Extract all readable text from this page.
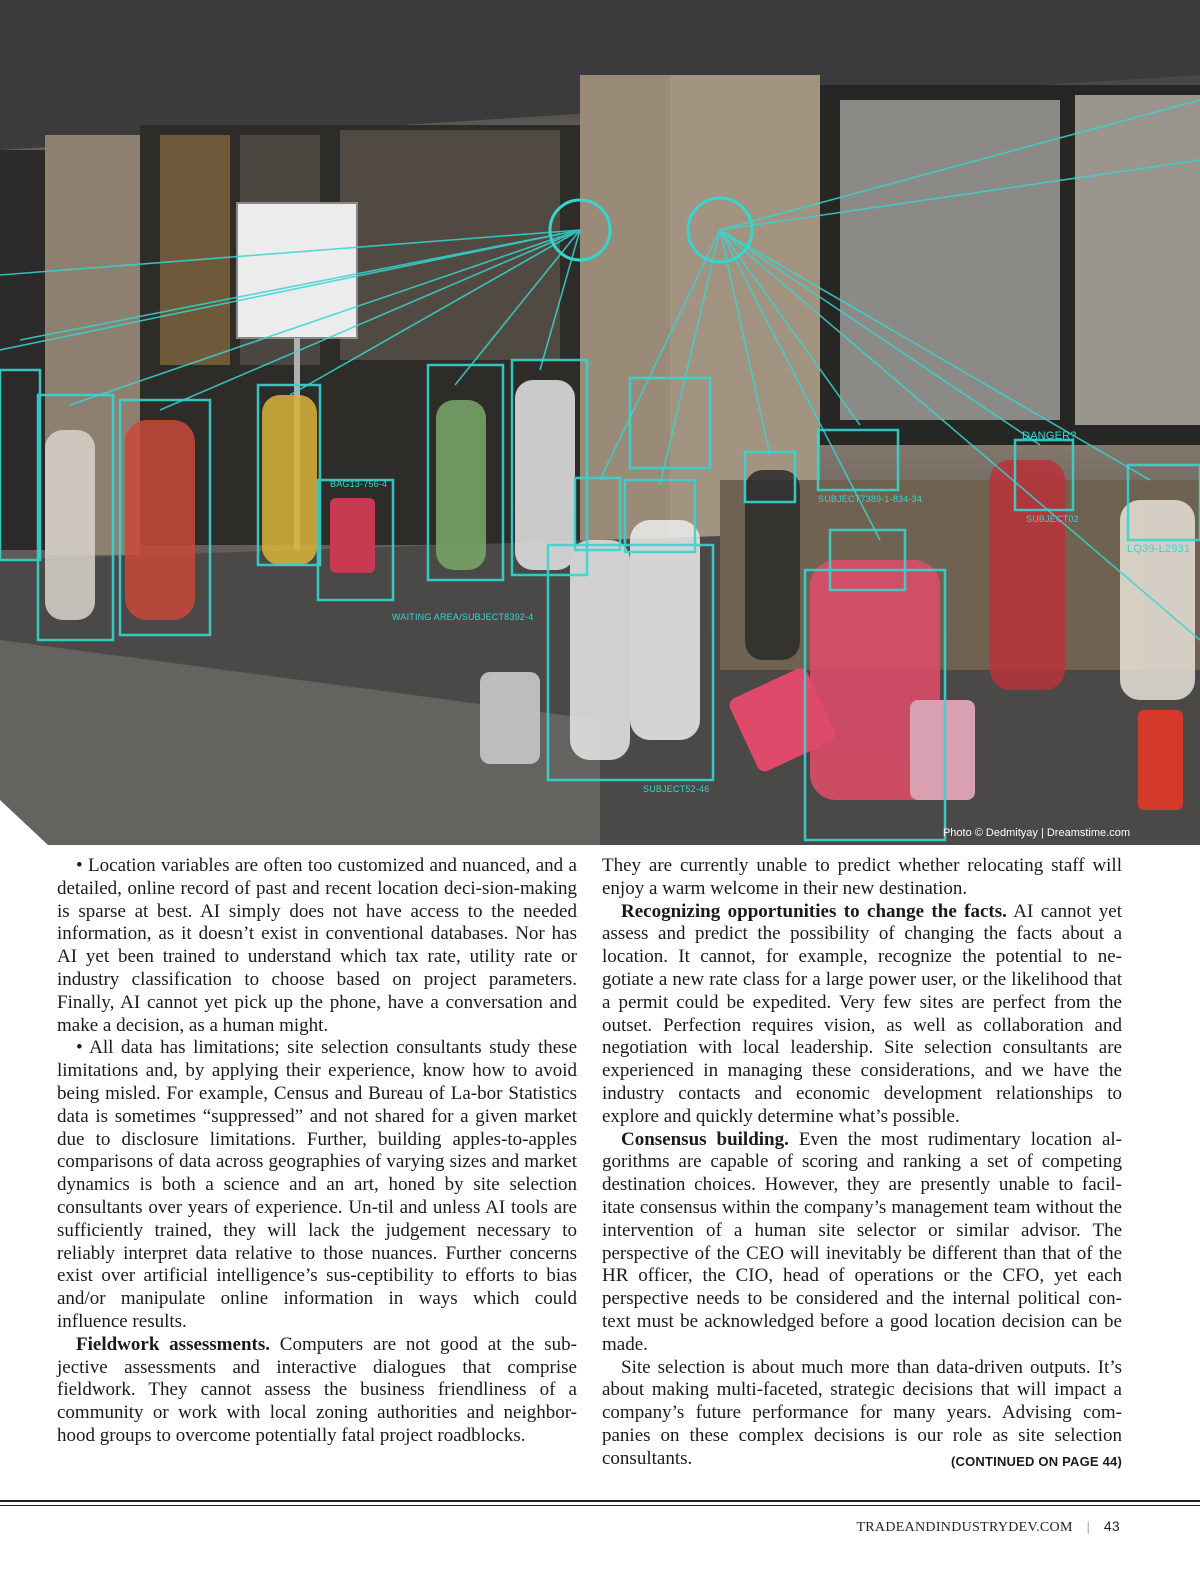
BAG13-756-4
WAITING AREA/SUBJECT8392-4
SUBJECT7389-1-834-34
DANGER?
LQ39-L2931
SUBJECT52-46
SUBJECT02
Photo © Dedmityay | Dreamstime.com

• Location variables are often too customized and nuanced, and a detailed, online record of past and recent location deci-sion-making is sparse at best. AI simply does not have access to the needed information, as it doesn’t exist in conventional databases. Nor has AI yet been trained to understand which tax rate, utility rate or industry classification to choose based on project parameters. Finally, AI cannot yet pick up the phone, have a conversation and make a decision, as a human might.

• All data has limitations; site selection consultants study these limitations and, by applying their experience, know how to avoid being misled. For example, Census and Bureau of La-bor Statistics data is sometimes “suppressed” and not shared for a given market due to disclosure limitations. Further, building apples-to-apples comparisons of data across geographies of varying sizes and market dynamics is both a science and an art, honed by site selection consultants over years of experience. Un-til and unless AI tools are sufficiently trained, they will lack the judgement necessary to reliably interpret data relative to those nuances. Further concerns exist over artificial intelligence’s sus-ceptibility to efforts to bias and/or manipulate online information in ways which could influence results.

Fieldwork assessments. Computers are not good at the sub-jective assessments and interactive dialogues that comprise fieldwork. They cannot assess the business friendliness of a community or work with local zoning authorities and neighbor-hood groups to overcome potentially fatal project roadblocks.

They are currently unable to predict whether relocating staff will enjoy a warm welcome in their new destination.

Recognizing opportunities to change the facts. AI cannot yet assess and predict the possibility of changing the facts about a location. It cannot, for example, recognize the potential to ne-gotiate a new rate class for a large power user, or the likelihood that a permit could be expedited. Very few sites are perfect from the outset. Perfection requires vision, as well as collaboration and negotiation with local leadership. Site selection consultants are experienced in managing these considerations, and we have the industry contacts and economic development relationships to explore and quickly determine what’s possible.

Consensus building. Even the most rudimentary location al-gorithms are capable of scoring and ranking a set of competing destination choices. However, they are presently unable to facil-itate consensus within the company’s management team without the intervention of a human site selector or similar advisor. The perspective of the CEO will inevitably be different than that of the HR officer, the CIO, head of operations or the CFO, yet each perspective needs to be considered and the internal political con-text must be acknowledged before a good location decision can be made.

Site selection is about much more than data-driven outputs. It’s about making multi-faceted, strategic decisions that will impact a company’s future performance for many years. Advising com-panies on these complex decisions is our role as site selection consultants.	(CONTINUED ON PAGE 44)

TRADEANDINDUSTRYDEV.COM | 43
